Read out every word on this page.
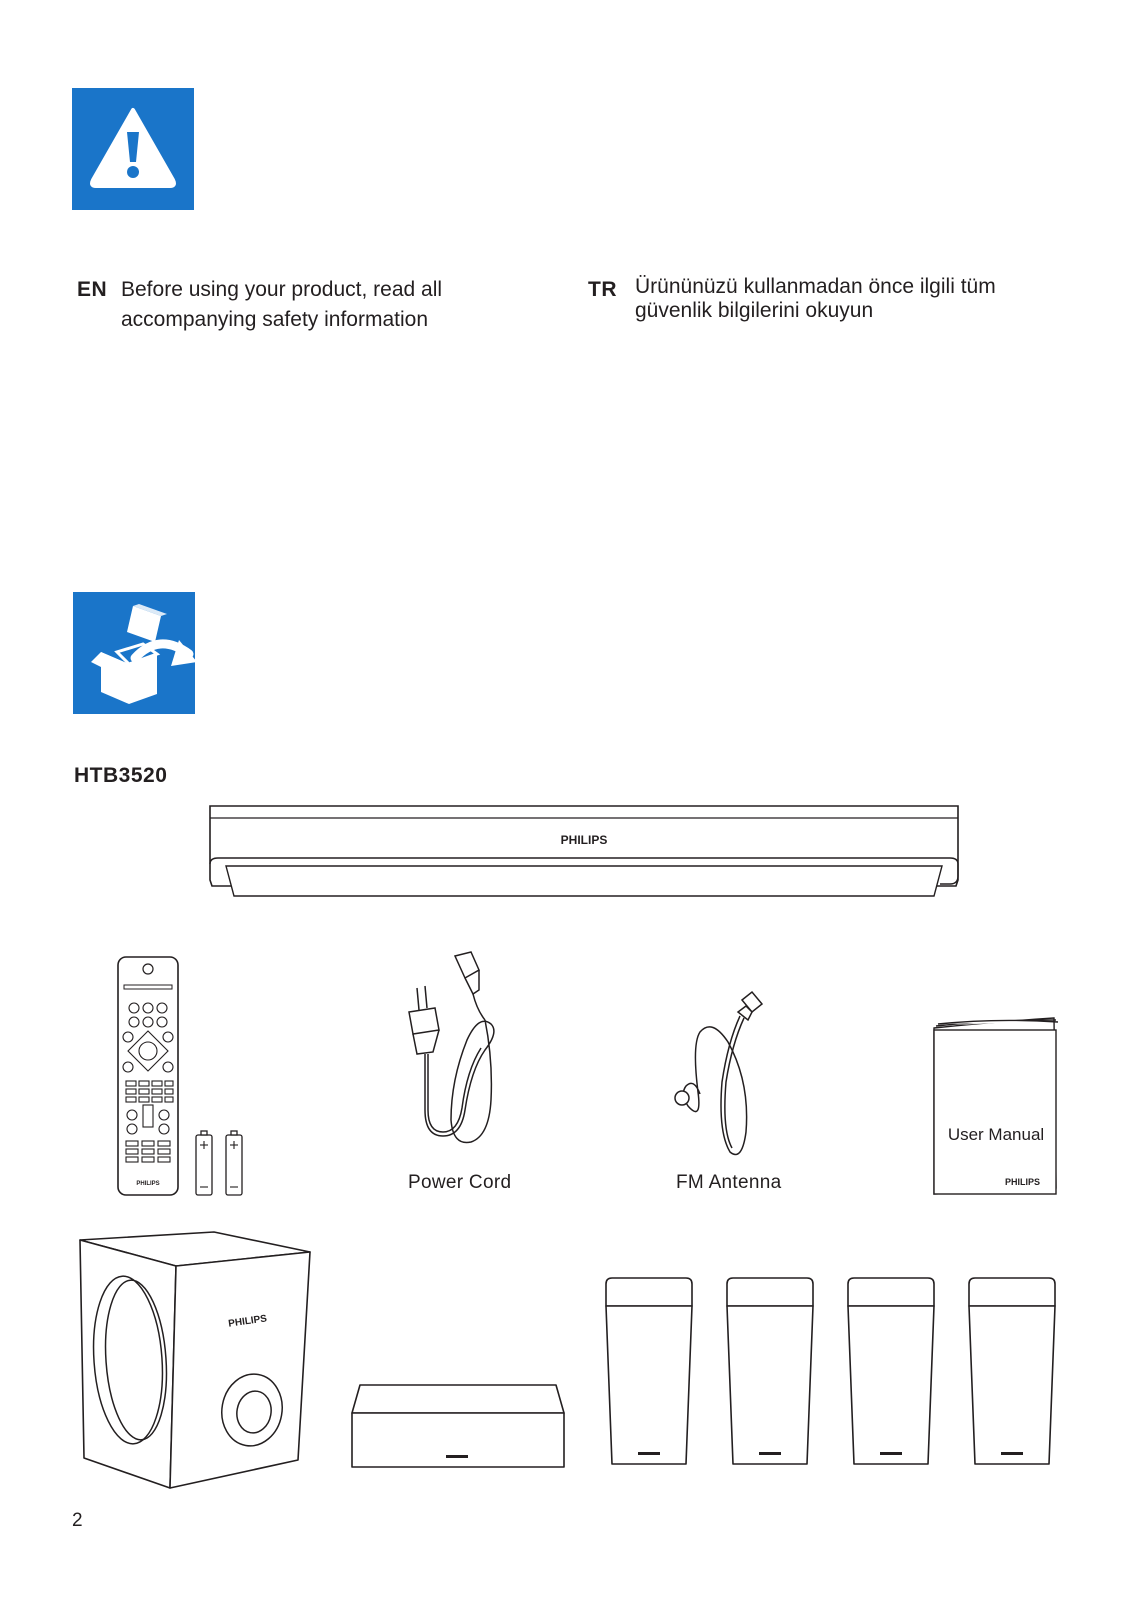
EN Before using your product, read all
accompanying safety information
TR Ürününüzü kullanmadan önce ilgili tüm
güvenlik bilgilerini okuyun
HTB3520
PHILIPS
PHILIPS	Power Cord	FM Antenna
User Manual
PHILIPS
PHILIPS
2
